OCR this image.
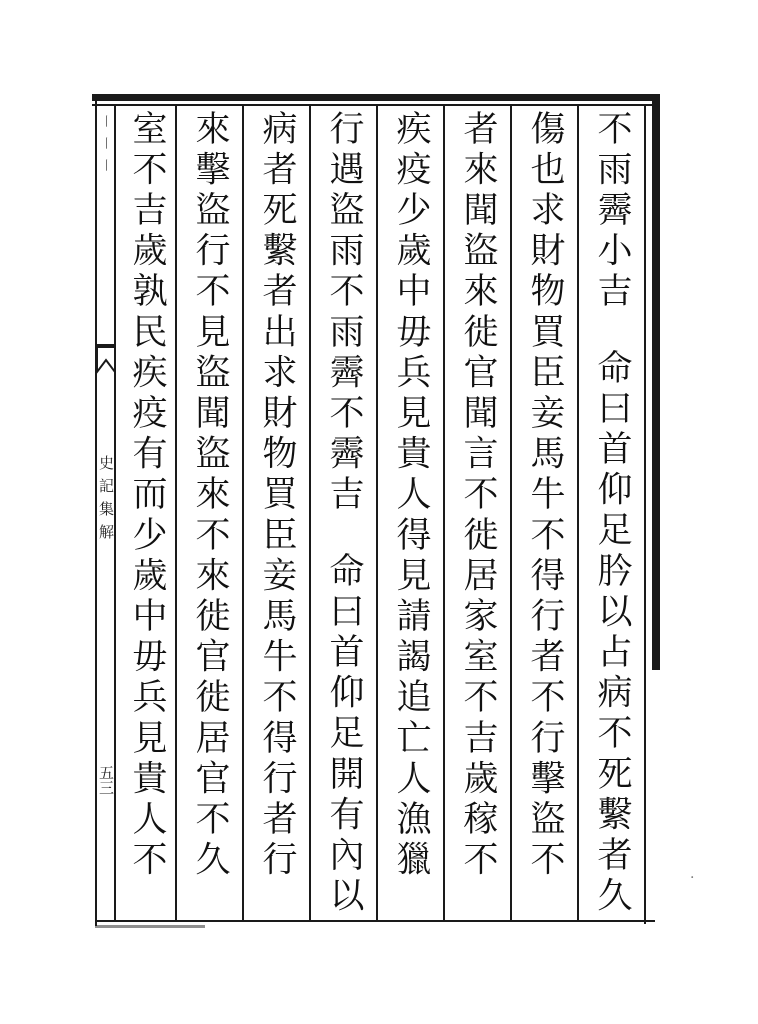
丨丨丨
史記集解
五三
不雨霽小吉命曰首仰足肣以占病不死繫者久
傷也求財物買臣妾馬牛不得行者不行擊盜不
者來聞盜來徙官聞言不徙居家室不吉歲稼不
疾疫少歲中毋兵見貴人得見請謁追亡人漁獵
行遇盜雨不雨霽不霽吉命曰首仰足開有內以
病者死繫者出求財物買臣妾馬牛不得行者行
來擊盜行不見盜聞盜來不來徙官徙居官不久
室不吉歲孰民疾疫有而少歲中毋兵見貴人不	·
